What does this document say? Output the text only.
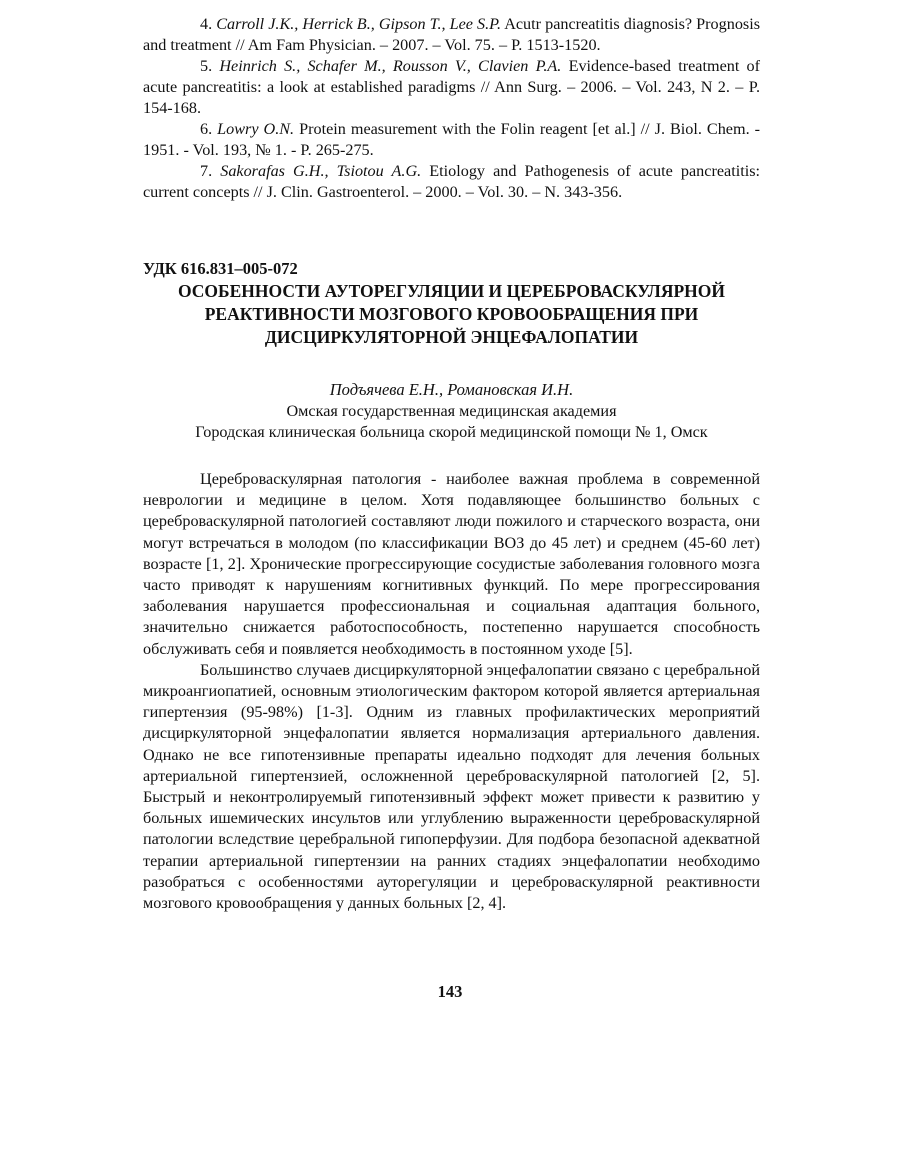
4. Carroll J.K., Herrick B., Gipson T., Lee S.P. Acutr pancreatitis diagnosis? Prognosis and treatment // Am Fam Physician. – 2007. – Vol. 75. – P. 1513-1520.

5. Heinrich S., Schafer M., Rousson V., Clavien P.A. Evidence-based treatment of acute pancreatitis: a look at established paradigms // Ann Surg. – 2006. – Vol. 243, N 2. – P. 154-168.

6. Lowry O.N. Protein measurement with the Folin reagent [et al.] // J. Biol. Chem. - 1951. - Vol. 193, № 1. - P. 265-275.

7. Sakorafas G.H., Tsiotou A.G. Etiology and Pathogenesis of acute pancreatitis: current concepts // J. Clin. Gastroenterol. – 2000. – Vol. 30. – N. 343-356.

УДК 616.831–005-072
ОСОБЕННОСТИ АУТОРЕГУЛЯЦИИ И ЦЕРЕБРОВАСКУЛЯРНОЙ РЕАКТИВНОСТИ МОЗГОВОГО КРОВООБРАЩЕНИЯ ПРИ ДИСЦИРКУЛЯТОРНОЙ ЭНЦЕФАЛОПАТИИ
Подъячева Е.Н., Романовская И.Н.

Омская государственная медицинская академия

Городская клиническая больница скорой медицинской помощи № 1, Омск

Цереброваскулярная патология - наиболее важная проблема в современной неврологии и медицине в целом. Хотя подавляющее большинство больных с цереброваскулярной патологией составляют люди пожилого и старческого возраста, они могут встречаться в молодом (по классификации ВОЗ до 45 лет) и среднем (45-60 лет) возрасте [1, 2]. Хронические прогрессирующие сосудистые заболевания головного мозга часто приводят к нарушениям когнитивных функций. По мере прогрессирования заболевания нарушается профессиональная и социальная адаптация больного, значительно снижается работоспособность, постепенно нарушается способность обслуживать себя и появляется необходимость в постоянном уходе [5].

Большинство случаев дисциркуляторной энцефалопатии связано с церебральной микроангиопатией, основным этиологическим фактором которой является артериальная гипертензия (95-98%) [1-3]. Одним из главных профилактических мероприятий дисциркуляторной энцефалопатии является нормализация артериального давления. Однако не все гипотензивные препараты идеально подходят для лечения больных артериальной гипертензией, осложненной цереброваскулярной патологией [2, 5]. Быстрый и неконтролируемый гипотензивный эффект может привести к развитию у больных ишемических инсультов или углублению выраженности цереброваскулярной патологии вследствие церебральной гипоперфузии. Для подбора безопасной адекватной терапии артериальной гипертензии на ранних стадиях энцефалопатии необходимо разобраться с особенностями ауторегуляции и цереброваскулярной реактивности мозгового кровообращения у данных больных [2, 4].

143
